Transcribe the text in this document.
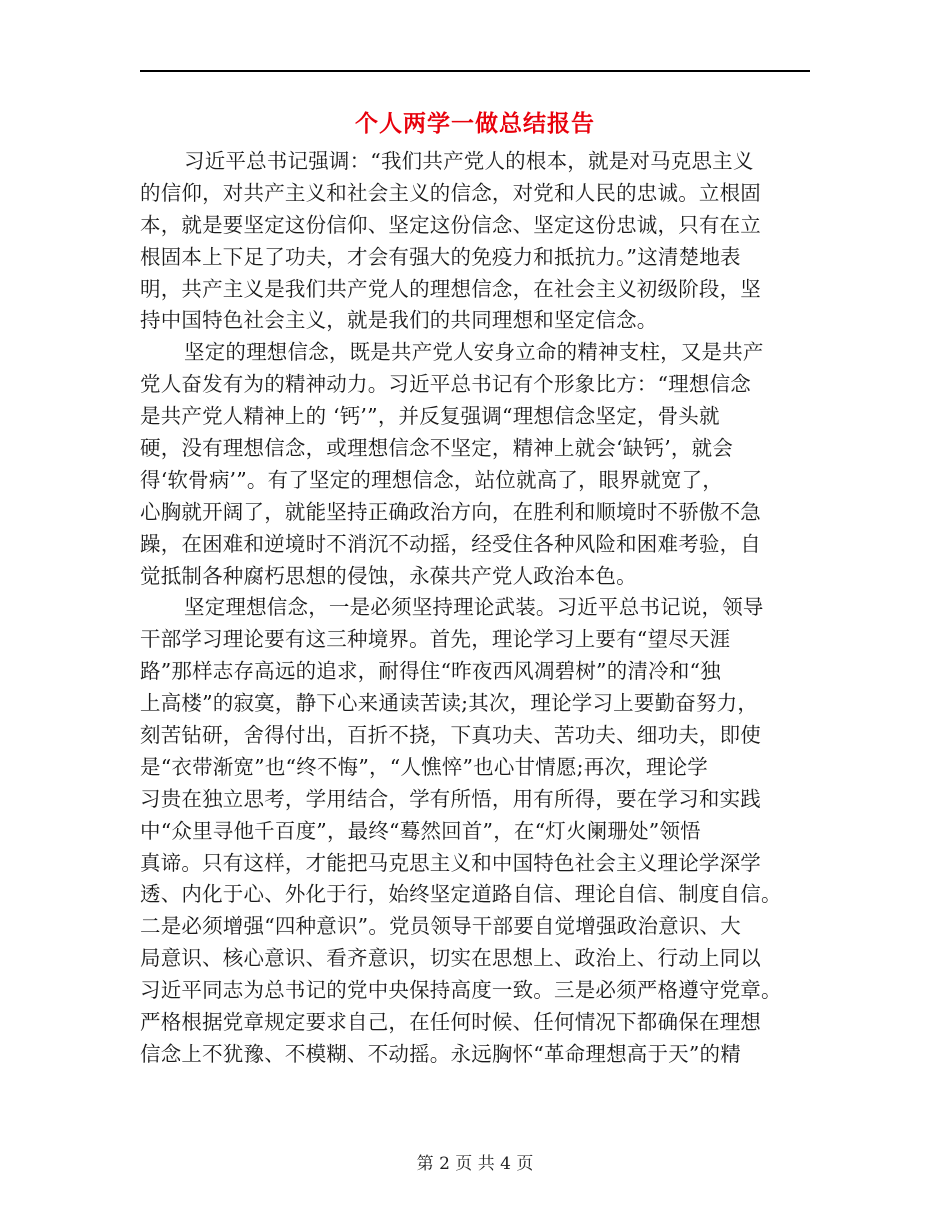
个人两学一做总结报告
习近平总书记强调：“我们共产党人的根本，就是对马克思主义
的信仰，对共产主义和社会主义的信念，对党和人民的忠诚。立根固
本，就是要坚定这份信仰、坚定这份信念、坚定这份忠诚，只有在立
根固本上下足了功夫，才会有强大的免疫力和抵抗力。”这清楚地表
明，共产主义是我们共产党人的理想信念，在社会主义初级阶段，坚
持中国特色社会主义，就是我们的共同理想和坚定信念。
坚定的理想信念，既是共产党人安身立命的精神支柱，又是共产
党人奋发有为的精神动力。习近平总书记有个形象比方：“理想信念
是共产党人精神上的 ‘钙’”，并反复强调“理想信念坚定，骨头就
硬，没有理想信念，或理想信念不坚定，精神上就会‘缺钙’，就会
得‘软骨病’”。有了坚定的理想信念，站位就高了，眼界就宽了，
心胸就开阔了，就能坚持正确政治方向，在胜利和顺境时不骄傲不急
躁，在困难和逆境时不消沉不动摇，经受住各种风险和困难考验，自
觉抵制各种腐朽思想的侵蚀，永葆共产党人政治本色。
坚定理想信念，一是必须坚持理论武装。习近平总书记说，领导
干部学习理论要有这三种境界。首先，理论学习上要有“望尽天涯
路”那样志存高远的追求，耐得住“昨夜西风凋碧树”的清冷和“独
上高楼”的寂寞，静下心来通读苦读;其次，理论学习上要勤奋努力，
刻苦钻研，舍得付出，百折不挠，下真功夫、苦功夫、细功夫，即使
是“衣带渐宽”也“终不悔”，“人憔悴”也心甘情愿;再次，理论学
习贵在独立思考，学用结合，学有所悟，用有所得，要在学习和实践
中“众里寻他千百度”，最终“蓦然回首”，在“灯火阑珊处”领悟
真谛。只有这样，才能把马克思主义和中国特色社会主义理论学深学
透、内化于心、外化于行，始终坚定道路自信、理论自信、制度自信。
二是必须增强“四种意识”。党员领导干部要自觉增强政治意识、大
局意识、核心意识、看齐意识，切实在思想上、政治上、行动上同以
习近平同志为总书记的党中央保持高度一致。三是必须严格遵守党章。
严格根据党章规定要求自己，在任何时候、任何情况下都确保在理想
信念上不犹豫、不模糊、不动摇。永远胸怀“革命理想高于天”的精
第 2 页 共 4 页
